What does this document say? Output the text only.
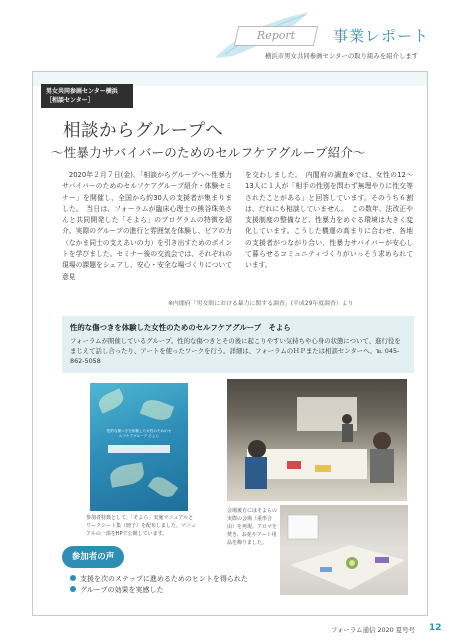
Report	事業レポート
横浜市男女共同参画センターの取り組みを紹介します
男女共同参画センター横浜
［相談センター］
相談からグループへ
〜性暴力サバイバーのためのセルフケアグループ紹介〜
　2020年２月７日(金)、「相談からグループへ〜性暴力サバイバーのためのセルフケアグループ紹介・体験セミナー」を開催し、全国から約30人の支援者が集まりました。　当日は、フォーラムが臨床心理士の熊谷珠美さんと共同開発した「そよら」のプログラムの特徴を紹介。実際のグループの進行と雰囲気を体験し、ピアの力（なかま同士の支えあいの力）を引き出すためのポイントを学びました。セミナー後の交流会では、それぞれの現場の課題をシェアし、安心・安全な場づくりについて意見
を交わしました。　内閣府の調査※では、女性の12〜13人に１人が「相手の性別を問わず無理やりに性交等されたことがある」と回答しています。そのうち６割は、だれにも相談していません。　この数年、法改正や支援制度の整備など、性暴力をめぐる環境は大きく変化しています。こうした機運の高まりに合わせ、各地の支援者がつながり合い、性暴力サバイバーが安心して暮らせるコミュニティづくりがいっそう求められています。
※内閣府「男女間における暴力に関する調査」(平成29年度調査）より
性的な傷つきを体験した女性のためのセルフケアグループ　そよら
フォーラムが開催しているグループ。性的な傷つきとその後に起こりやすい気持ちや心身の状態について、進行役をまじえて話し合ったり、アートを使ったワークを行う。詳細は、フォーラムのＨＰまたは相談センターへ。℡ 045-862-5058
性的な傷つきを体験した女性のためのセルフケアグループ そよら
参加者特典として、「そよら」実施マニュアルとワークシート集（冊子）を配布しました。マニュアルの一部をHPで公開しています。
会場後方にはそよらの実際の会場（重形合由）を再現。アロマを焚き、お花やアート用品を飾りました。
参加者の声
支援を次のステップに進めるためのヒントを得られた
グループの効果を実感した
フォーラム通信 2020 夏号号 12
